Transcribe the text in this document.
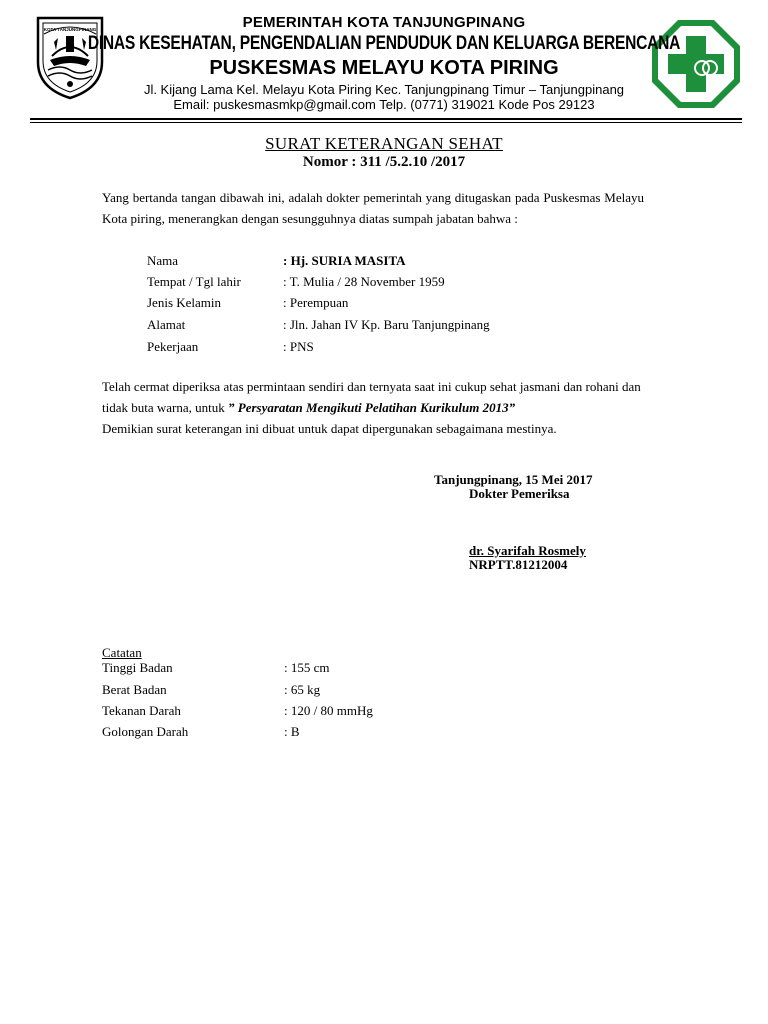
KOTA TANJUNGPINANG	PEMERINTAH KOTA TANJUNGPINANG
DINAS KESEHATAN, PENGENDALIAN PENDUDUK DAN KELUARGA BERENCANA
PUSKESMAS MELAYU KOTA PIRING
Jl. Kijang Lama Kel. Melayu Kota Piring Kec. Tanjungpinang Timur – Tanjungpinang
Email: puskesmasmkp@gmail.com Telp. (0771) 319021 Kode Pos 29123
SURAT KETERANGAN SEHAT
Nomor : 311 /5.2.10 /2017
Yang bertanda tangan dibawah ini, adalah dokter pemerintah yang ditugaskan pada Puskesmas Melayu Kota piring, menerangkan dengan sesungguhnya diatas sumpah jabatan bahwa :
Nama	: Hj. SURIA MASITA
Tempat / Tgl lahir	: T. Mulia / 28 November 1959
Jenis Kelamin	: Perempuan
Alamat	: Jln. Jahan IV Kp. Baru Tanjungpinang
Pekerjaan	: PNS
Telah cermat diperiksa atas permintaan sendiri dan ternyata saat ini cukup sehat jasmani dan rohani dan tidak buta warna, untuk ” Persyaratan Mengikuti Pelatihan Kurikulum 2013”
Demikian surat keterangan ini dibuat untuk dapat dipergunakan sebagaimana mestinya.
Tanjungpinang, 15 Mei 2017
Dokter Pemeriksa
dr. Syarifah Rosmely
NRPTT.81212004
Catatan
Tinggi Badan	: 155 cm
Berat Badan	: 65 kg
Tekanan Darah	: 120 / 80 mmHg
Golongan Darah	: B
